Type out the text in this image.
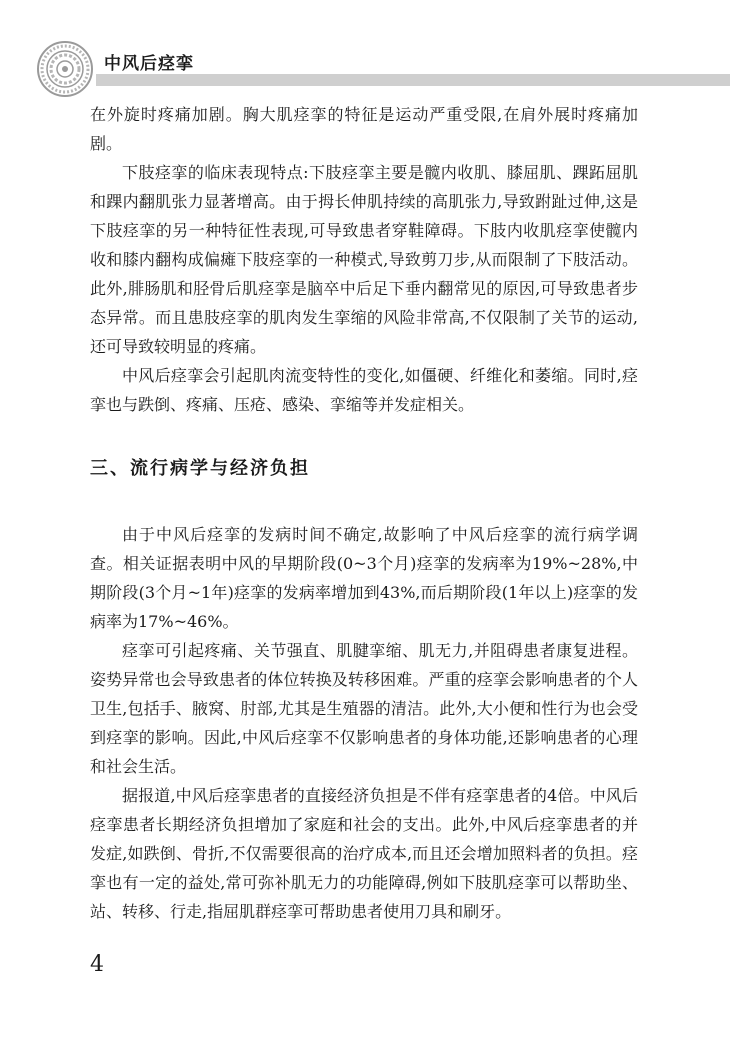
中风后痉挛

在外旋时疼痛加剧。胸大肌痉挛的特征是运动严重受限,在肩外展时疼痛加剧。

下肢痉挛的临床表现特点:下肢痉挛主要是髋内收肌、膝屈肌、踝跖屈肌和踝内翻肌张力显著增高。由于拇长伸肌持续的高肌张力,导致跗趾过伸,这是下肢痉挛的另一种特征性表现,可导致患者穿鞋障碍。下肢内收肌痉挛使髋内收和膝内翻构成偏瘫下肢痉挛的一种模式,导致剪刀步,从而限制了下肢活动。此外,腓肠肌和胫骨后肌痉挛是脑卒中后足下垂内翻常见的原因,可导致患者步态异常。而且患肢痉挛的肌肉发生挛缩的风险非常高,不仅限制了关节的运动,还可导致较明显的疼痛。

中风后痉挛会引起肌肉流变特性的变化,如僵硬、纤维化和萎缩。同时,痉挛也与跌倒、疼痛、压疮、感染、挛缩等并发症相关。

三、流行病学与经济负担

由于中风后痉挛的发病时间不确定,故影响了中风后痉挛的流行病学调查。相关证据表明中风的早期阶段(0~3个月)痉挛的发病率为19%~28%,中期阶段(3个月~1年)痉挛的发病率增加到43%,而后期阶段(1年以上)痉挛的发病率为17%~46%。

痉挛可引起疼痛、关节强直、肌腱挛缩、肌无力,并阻碍患者康复进程。姿势异常也会导致患者的体位转换及转移困难。严重的痉挛会影响患者的个人卫生,包括手、腋窝、肘部,尤其是生殖器的清洁。此外,大小便和性行为也会受到痉挛的影响。因此,中风后痉挛不仅影响患者的身体功能,还影响患者的心理和社会生活。

据报道,中风后痉挛患者的直接经济负担是不伴有痉挛患者的4倍。中风后痉挛患者长期经济负担增加了家庭和社会的支出。此外,中风后痉挛患者的并发症,如跌倒、骨折,不仅需要很高的治疗成本,而且还会增加照料者的负担。痉挛也有一定的益处,常可弥补肌无力的功能障碍,例如下肢肌痉挛可以帮助坐、站、转移、行走,指屈肌群痉挛可帮助患者使用刀具和刷牙。

4
